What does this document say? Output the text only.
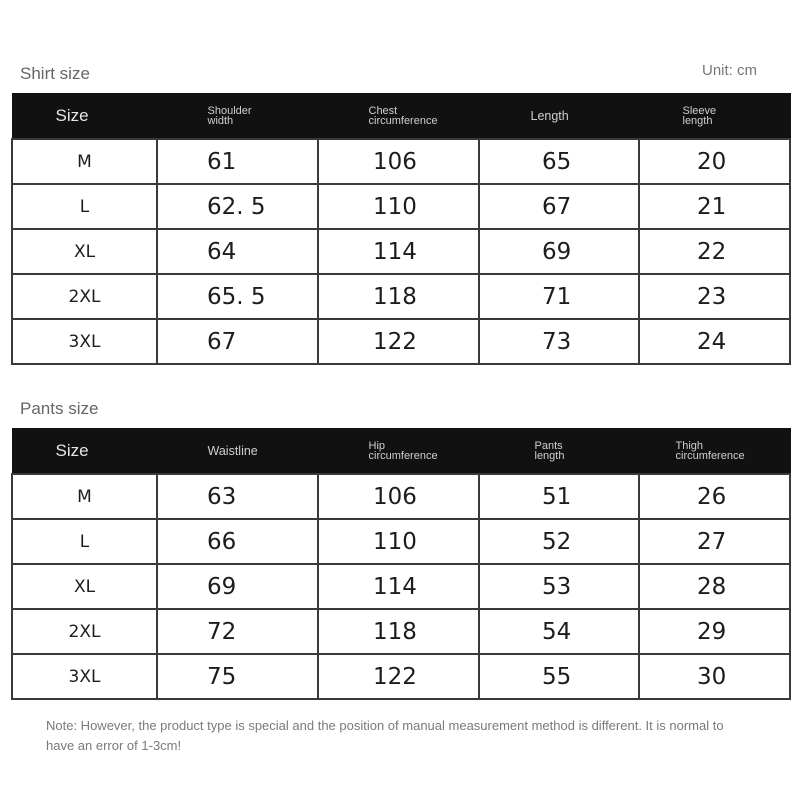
Shirt size	Unit: cm
Size	Shoulder width	Chest circumference	Length	Sleeve length

M	61	106	65	20
L	62. 5	110	67	21
XL	64	114	69	22
2XL	65. 5	118	71	23
3XL	67	122	73	24
Pants size
Size	Waistline	Hip circumference	Pants length	Thigh circumference

M	63	106	51	26
L	66	110	52	27
XL	69	114	53	28
2XL	72	118	54	29
3XL	75	122	55	30
Note: However, the product type is special and the position of manual measurement method is different. It is normal to have an error of 1-3cm!
